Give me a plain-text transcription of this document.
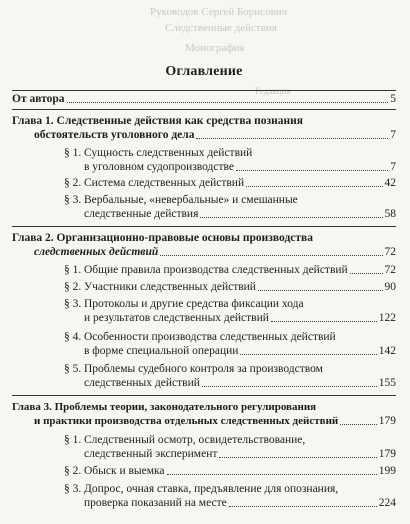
Руководов Сергей Борисович
Следственные действия
Монография
Редакция
Оглавление
От автора	5
Глава 1. Следственные действия как средства познания
обстоятельств уголовного дела	7
§ 1. Сущность следственных действий
в уголовном судопроизводстве	7
§ 2. Система следственных действий	42
§ 3. Вербальные, «невербальные» и смешанные
следственные действия	58
Глава 2. Организационно-правовые основы производства
следственных действий	72
§ 1. Общие правила производства следственных действий	72
§ 2. Участники следственных действий	90
§ 3. Протоколы и другие средства фиксации хода
и результатов следственных действий	122
§ 4. Особенности производства следственных действий
в форме специальной операции	142
§ 5. Проблемы судебного контроля за производством
следственных действий	155
Глава 3. Проблемы теории, законодательного регулирования
и практики производства отдельных следственных действий	179
§ 1. Следственный осмотр, освидетельствование,
следственный эксперимент	179
§ 2. Обыск и выемка	199
§ 3. Допрос, очная ставка, предъявление для опознания,
проверка показаний на месте	224
